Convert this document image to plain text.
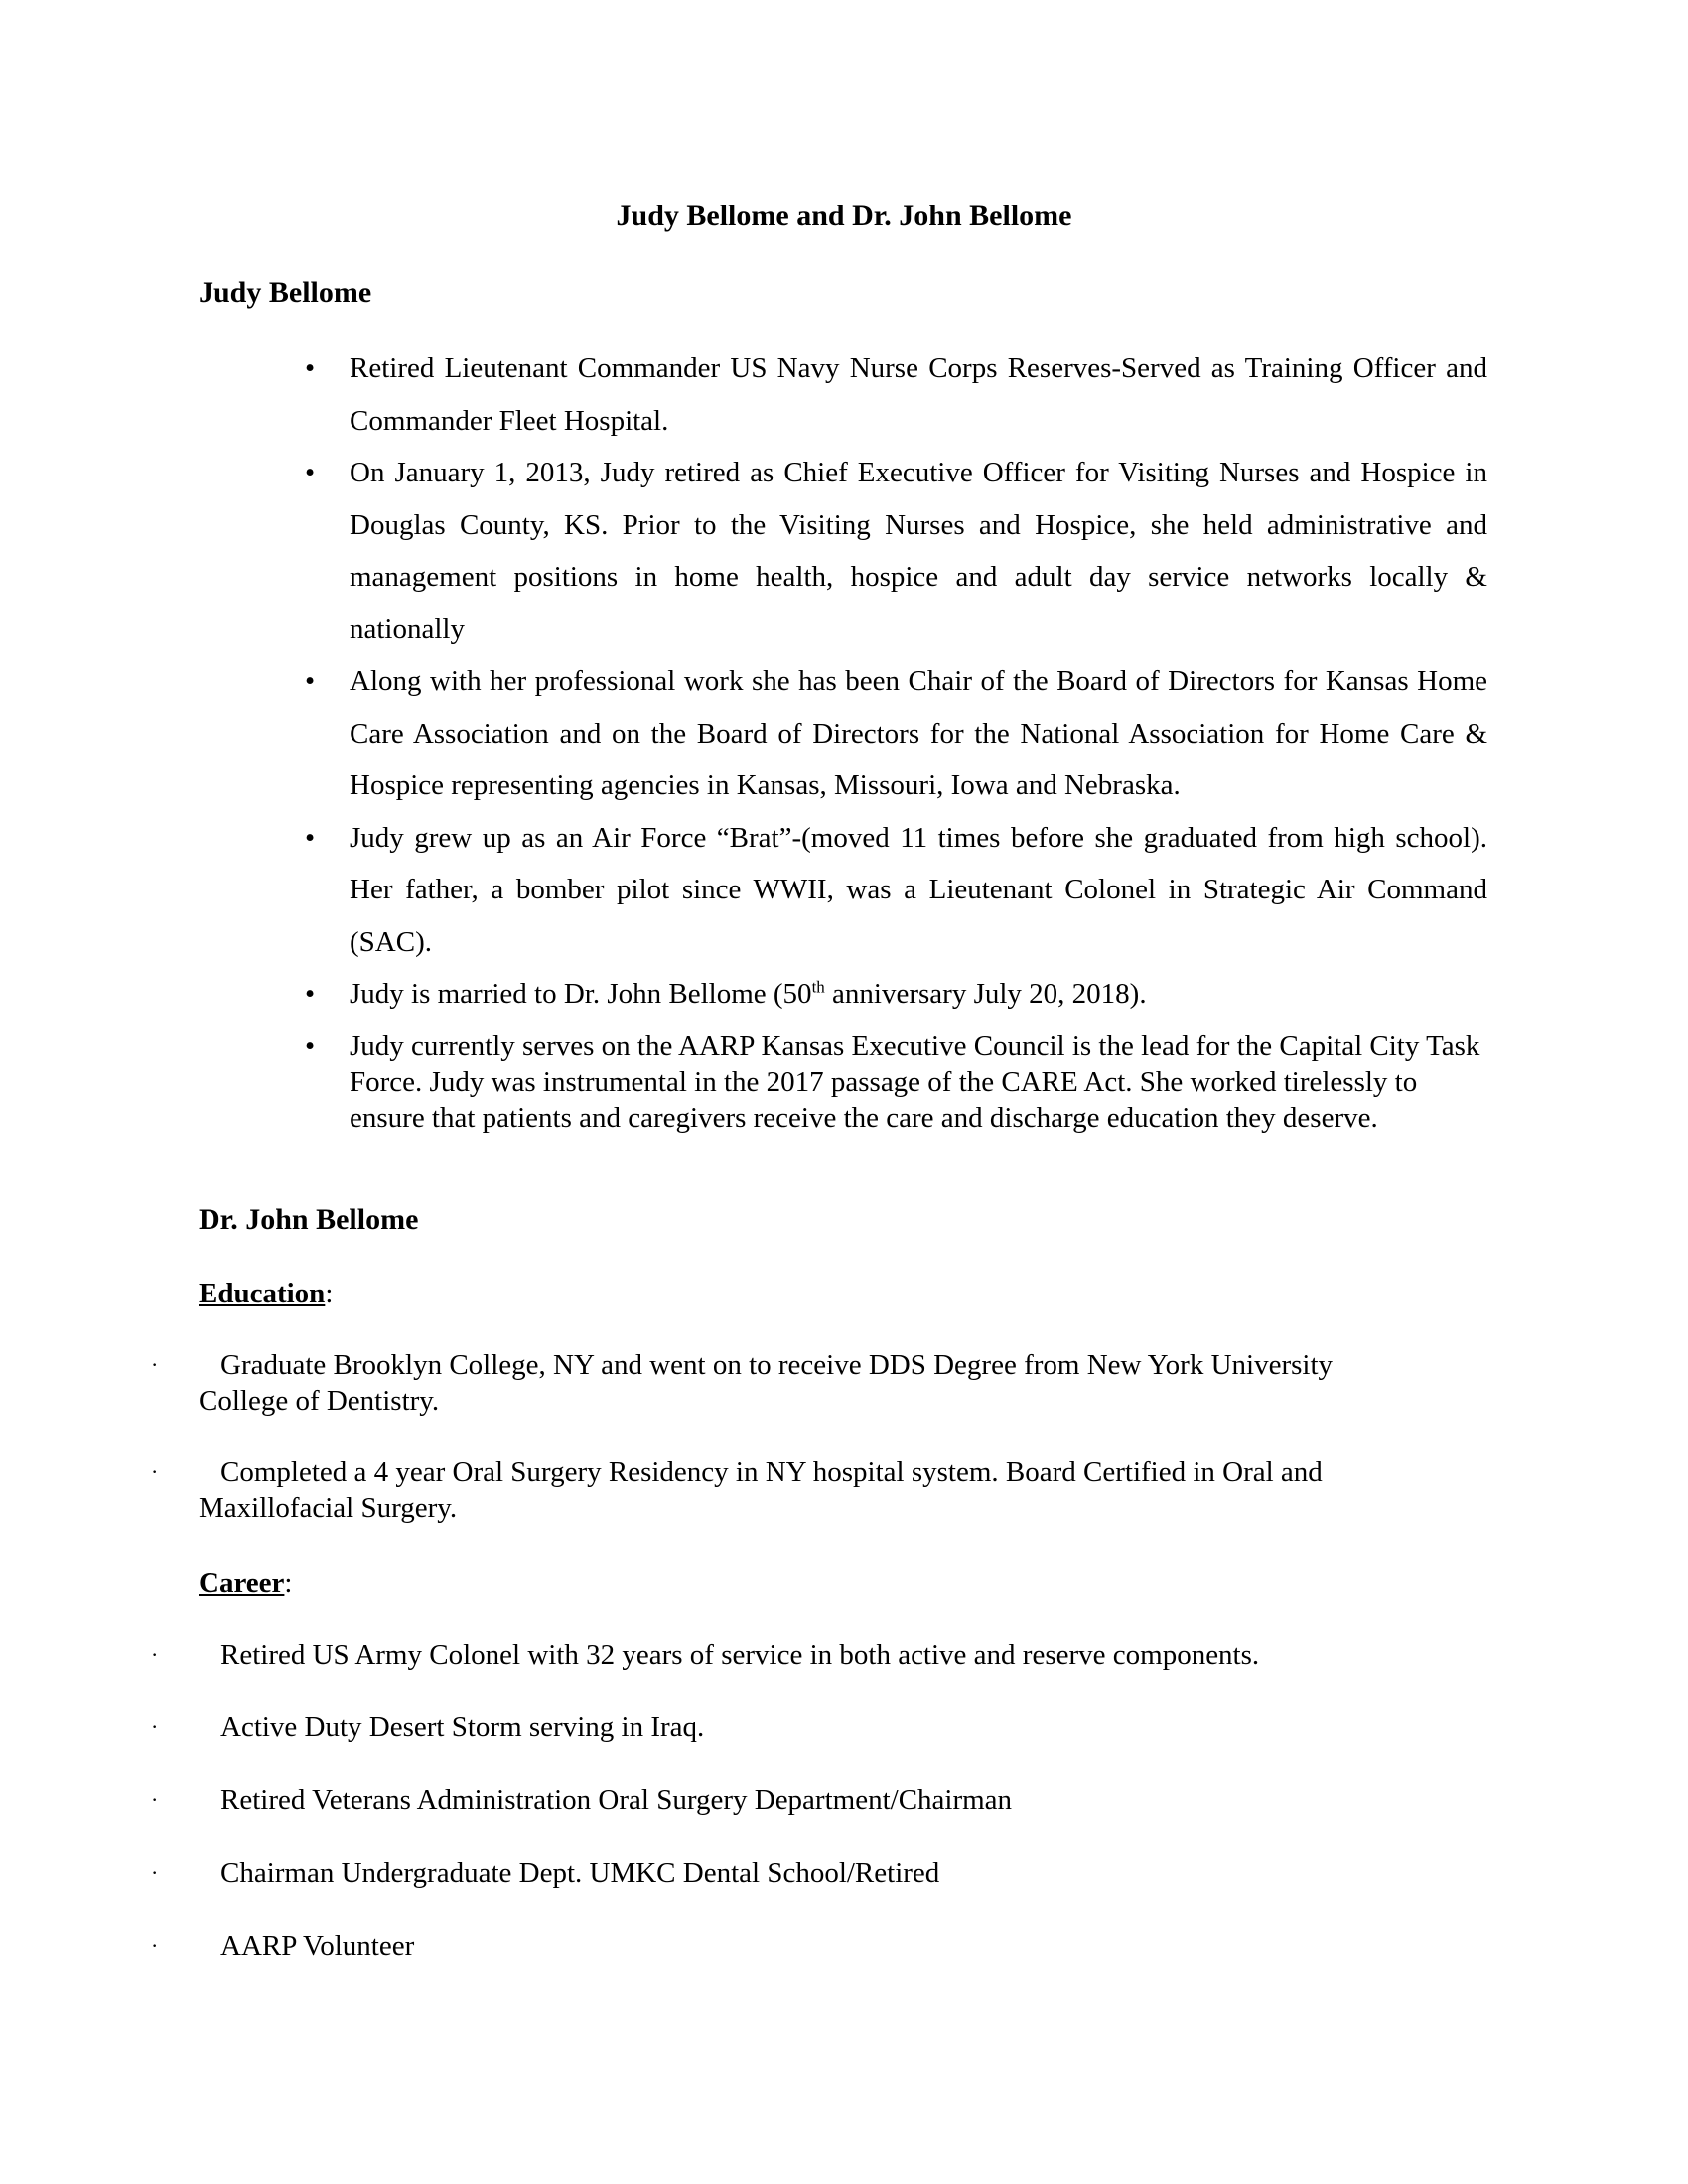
Judy Bellome and Dr. John Bellome
Judy Bellome
• Retired Lieutenant Commander US Navy Nurse Corps Reserves-Served as Training Officer and Commander Fleet Hospital.
• On January 1, 2013, Judy retired as Chief Executive Officer for Visiting Nurses and Hospice in Douglas County, KS. Prior to the Visiting Nurses and Hospice, she held administrative and management positions in home health, hospice and adult day service networks locally & nationally
• Along with her professional work she has been Chair of the Board of Directors for Kansas Home Care Association and on the Board of Directors for the National Association for Home Care & Hospice representing agencies in Kansas, Missouri, Iowa and Nebraska.
• Judy grew up as an Air Force “Brat”-(moved 11 times before she graduated from high school). Her father, a bomber pilot since WWII, was a Lieutenant Colonel in Strategic Air Command (SAC).
• Judy is married to Dr. John Bellome (50th anniversary July 20, 2018).
• Judy currently serves on the AARP Kansas Executive Council is the lead for the Capital City Task Force. Judy was instrumental in the 2017 passage of the CARE Act. She worked tirelessly to ensure that patients and caregivers receive the care and discharge education they deserve.
Dr. John Bellome
Education:
· Graduate Brooklyn College, NY and went on to receive DDS Degree from New York University
College of Dentistry.
· Completed a 4 year Oral Surgery Residency in NY hospital system. Board Certified in Oral and
Maxillofacial Surgery.
Career:
· Retired US Army Colonel with 32 years of service in both active and reserve components.
· Active Duty Desert Storm serving in Iraq.
· Retired Veterans Administration Oral Surgery Department/Chairman
· Chairman Undergraduate Dept. UMKC Dental School/Retired
· AARP Volunteer
